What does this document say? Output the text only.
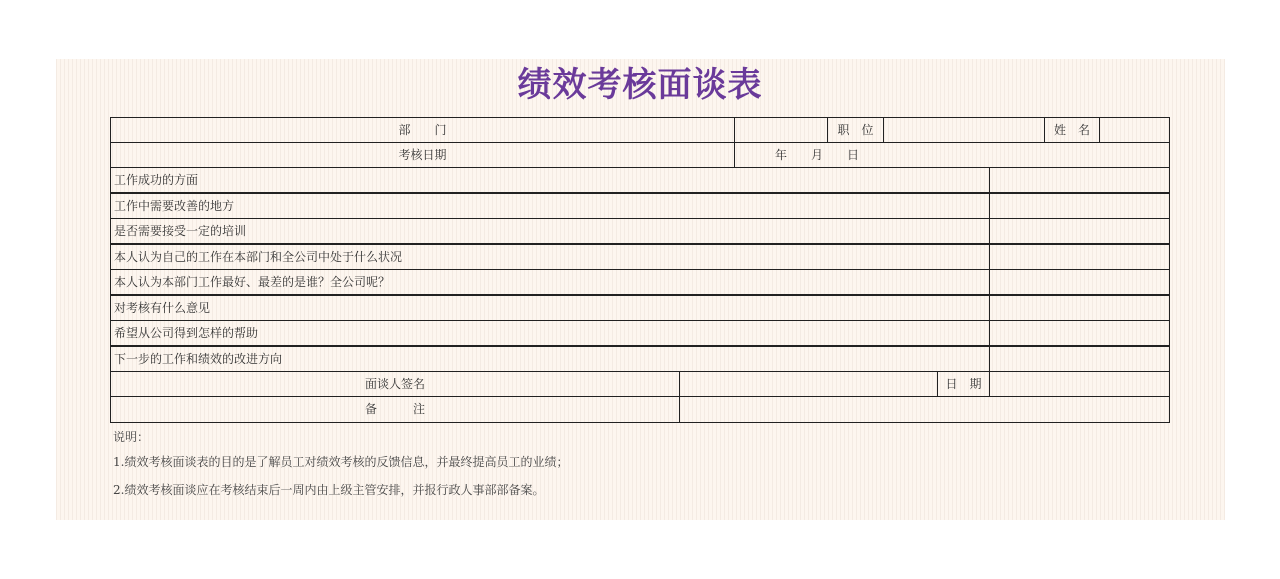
绩效考核面谈表
部　　门	职　位	姓　名
考核日期	年　　月　　日
工作成功的方面
工作中需要改善的地方
是否需要接受一定的培训
本人认为自己的工作在本部门和全公司中处于什么状况
本人认为本部门工作最好、最差的是谁？全公司呢？
对考核有什么意见
希望从公司得到怎样的帮助
下一步的工作和绩效的改进方向
面谈人签名	日　期
备　　　注
说明：
1.绩效考核面谈表的目的是了解员工对绩效考核的反馈信息，并最终提高员工的业绩；
2.绩效考核面谈应在考核结束后一周内由上级主管安排，并报行政人事部部备案。
